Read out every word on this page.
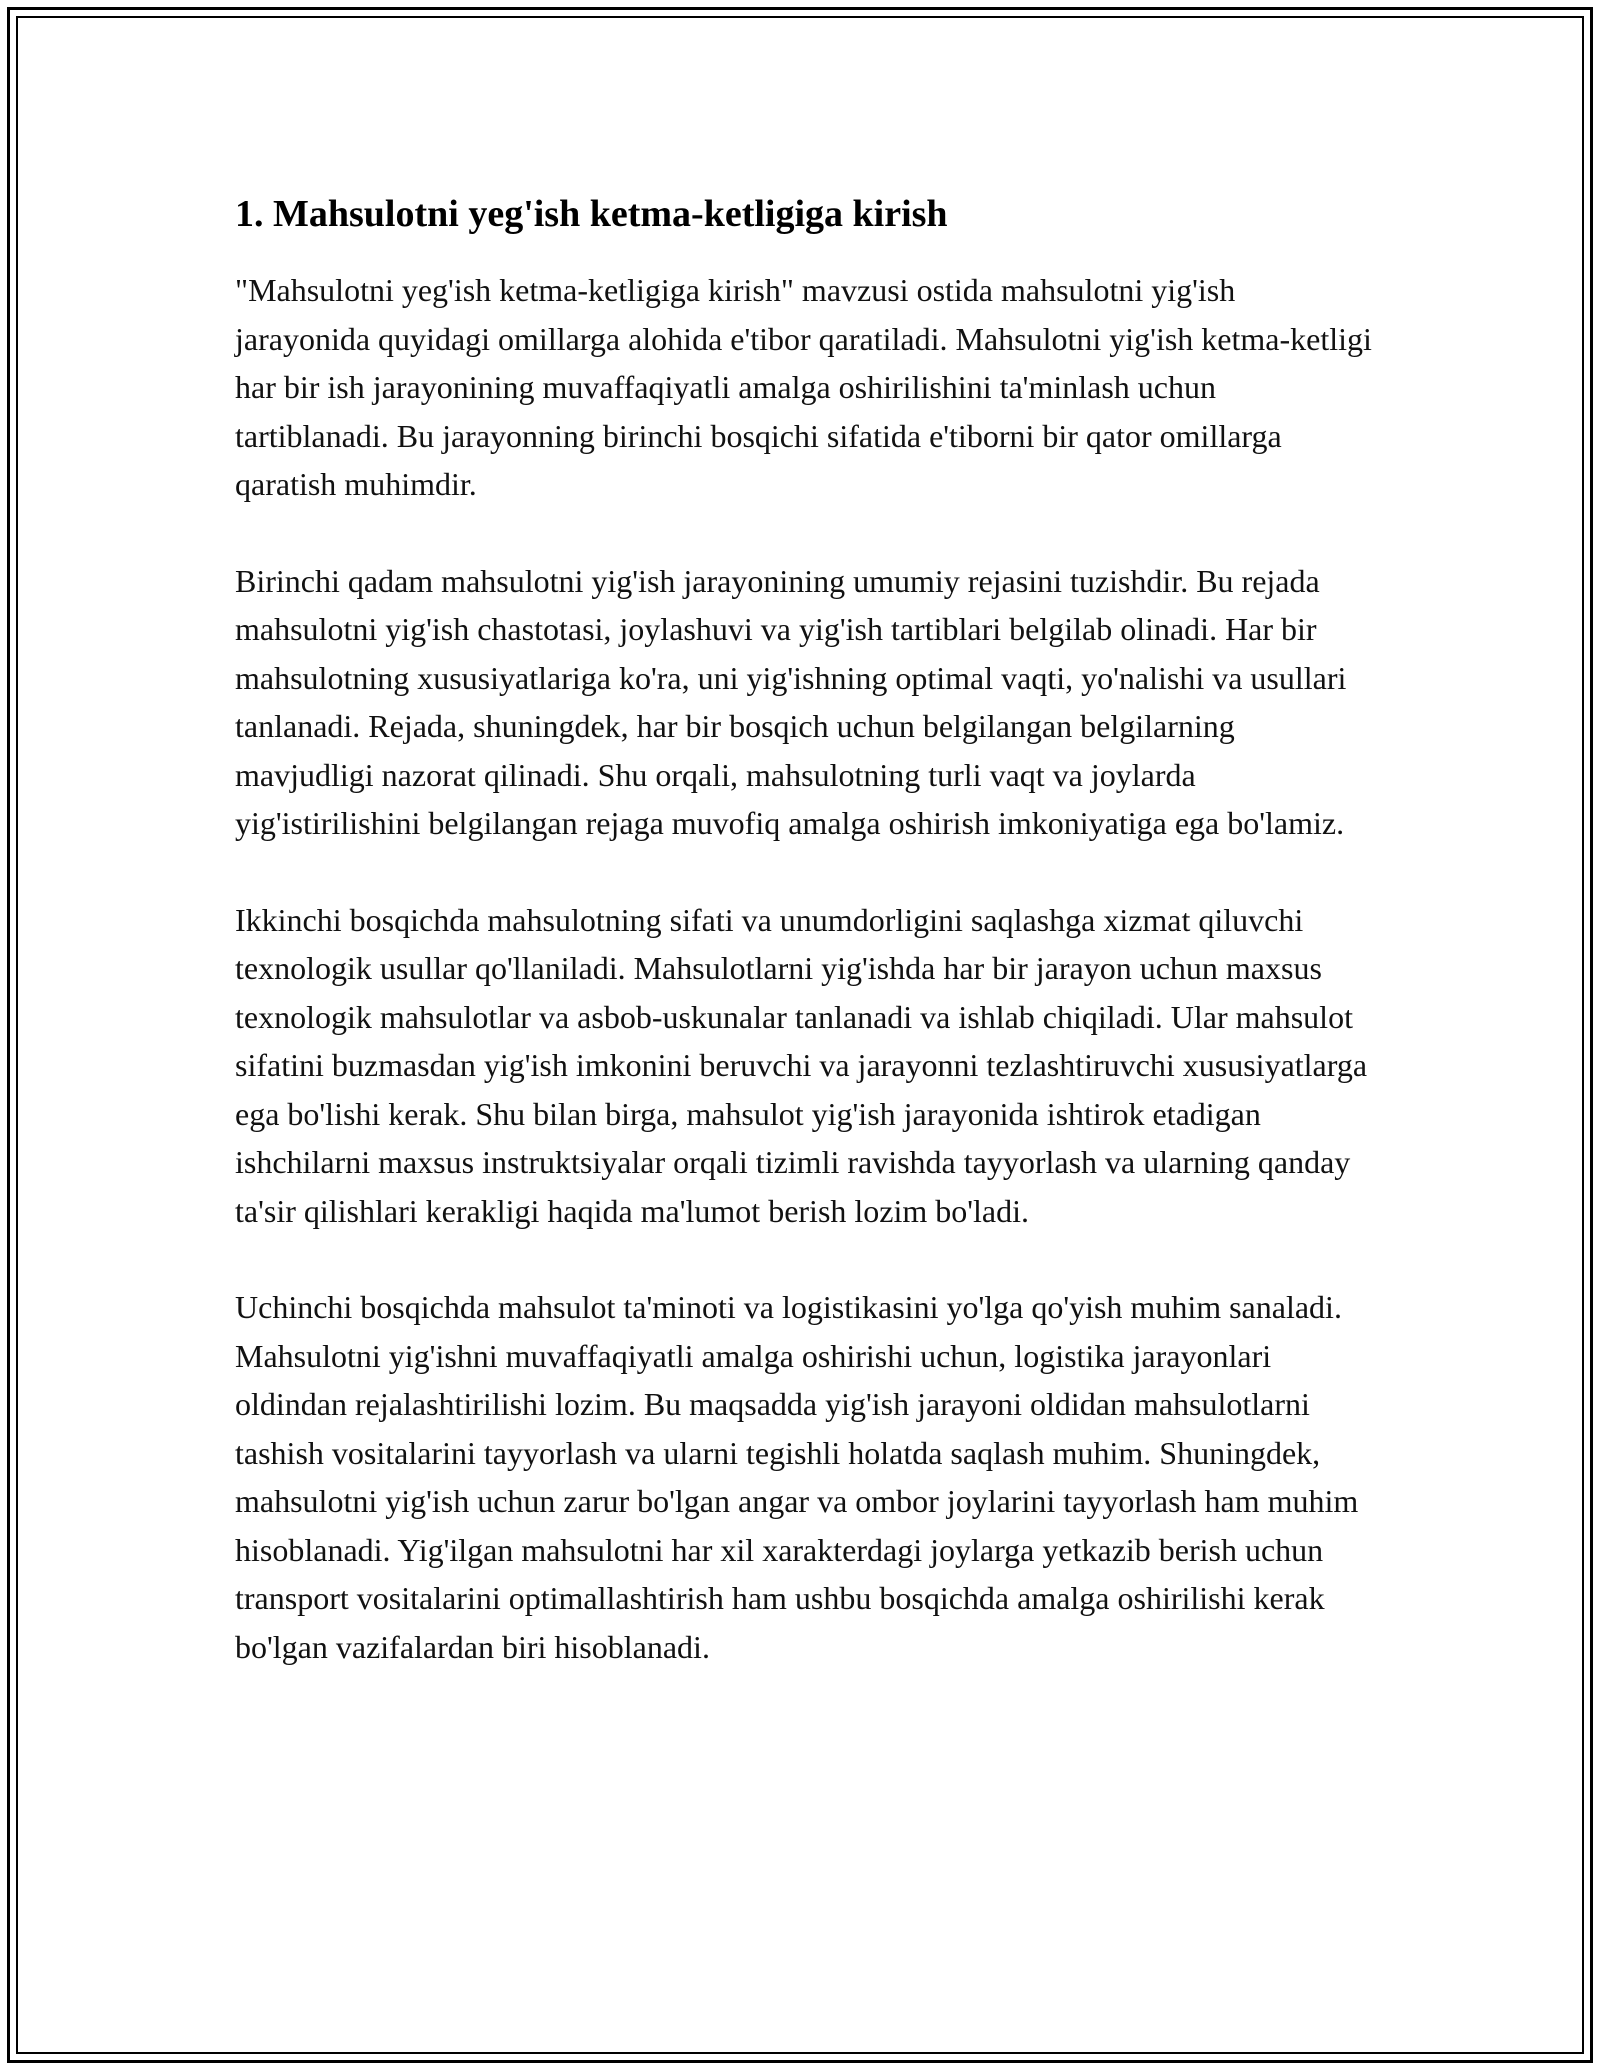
1. Mahsulotni yeg'ish ketma-ketligiga kirish

"Mahsulotni yeg'ish ketma-ketligiga kirish" mavzusi ostida mahsulotni yig'ish jarayonida quyidagi omillarga alohida e'tibor qaratiladi. Mahsulotni yig'ish ketma-ketligi har bir ish jarayonining muvaffaqiyatli amalga oshirilishini ta'minlash uchun tartiblanadi. Bu jarayonning birinchi bosqichi sifatida e'tiborni bir qator omillarga qaratish muhimdir.

Birinchi qadam mahsulotni yig'ish jarayonining umumiy rejasini tuzishdir. Bu rejada mahsulotni yig'ish chastotasi, joylashuvi va yig'ish tartiblari belgilab olinadi. Har bir mahsulotning xususiyatlariga ko'ra, uni yig'ishning optimal vaqti, yo'nalishi va usullari tanlanadi. Rejada, shuningdek, har bir bosqich uchun belgilangan belgilarning mavjudligi nazorat qilinadi. Shu orqali, mahsulotning turli vaqt va joylarda yig'istirilishini belgilangan rejaga muvofiq amalga oshirish imkoniyatiga ega bo'lamiz.

Ikkinchi bosqichda mahsulotning sifati va unumdorligini saqlashga xizmat qiluvchi texnologik usullar qo'llaniladi. Mahsulotlarni yig'ishda har bir jarayon uchun maxsus texnologik mahsulotlar va asbob-uskunalar tanlanadi va ishlab chiqiladi. Ular mahsulot sifatini buzmasdan yig'ish imkonini beruvchi va jarayonni tezlashtiruvchi xususiyatlarga ega bo'lishi kerak. Shu bilan birga, mahsulot yig'ish jarayonida ishtirok etadigan ishchilarni maxsus instruktsiyalar orqali tizimli ravishda tayyorlash va ularning qanday ta'sir qilishlari kerakligi haqida ma'lumot berish lozim bo'ladi.

Uchinchi bosqichda mahsulot ta'minoti va logistikasini yo'lga qo'yish muhim sanaladi. Mahsulotni yig'ishni muvaffaqiyatli amalga oshirishi uchun, logistika jarayonlari oldindan rejalashtirilishi lozim. Bu maqsadda yig'ish jarayoni oldidan mahsulotlarni tashish vositalarini tayyorlash va ularni tegishli holatda saqlash muhim. Shuningdek, mahsulotni yig'ish uchun zarur bo'lgan angar va ombor joylarini tayyorlash ham muhim hisoblanadi. Yig'ilgan mahsulotni har xil xarakterdagi joylarga yetkazib berish uchun transport vositalarini optimallashtirish ham ushbu bosqichda amalga oshirilishi kerak bo'lgan vazifalardan biri hisoblanadi.
